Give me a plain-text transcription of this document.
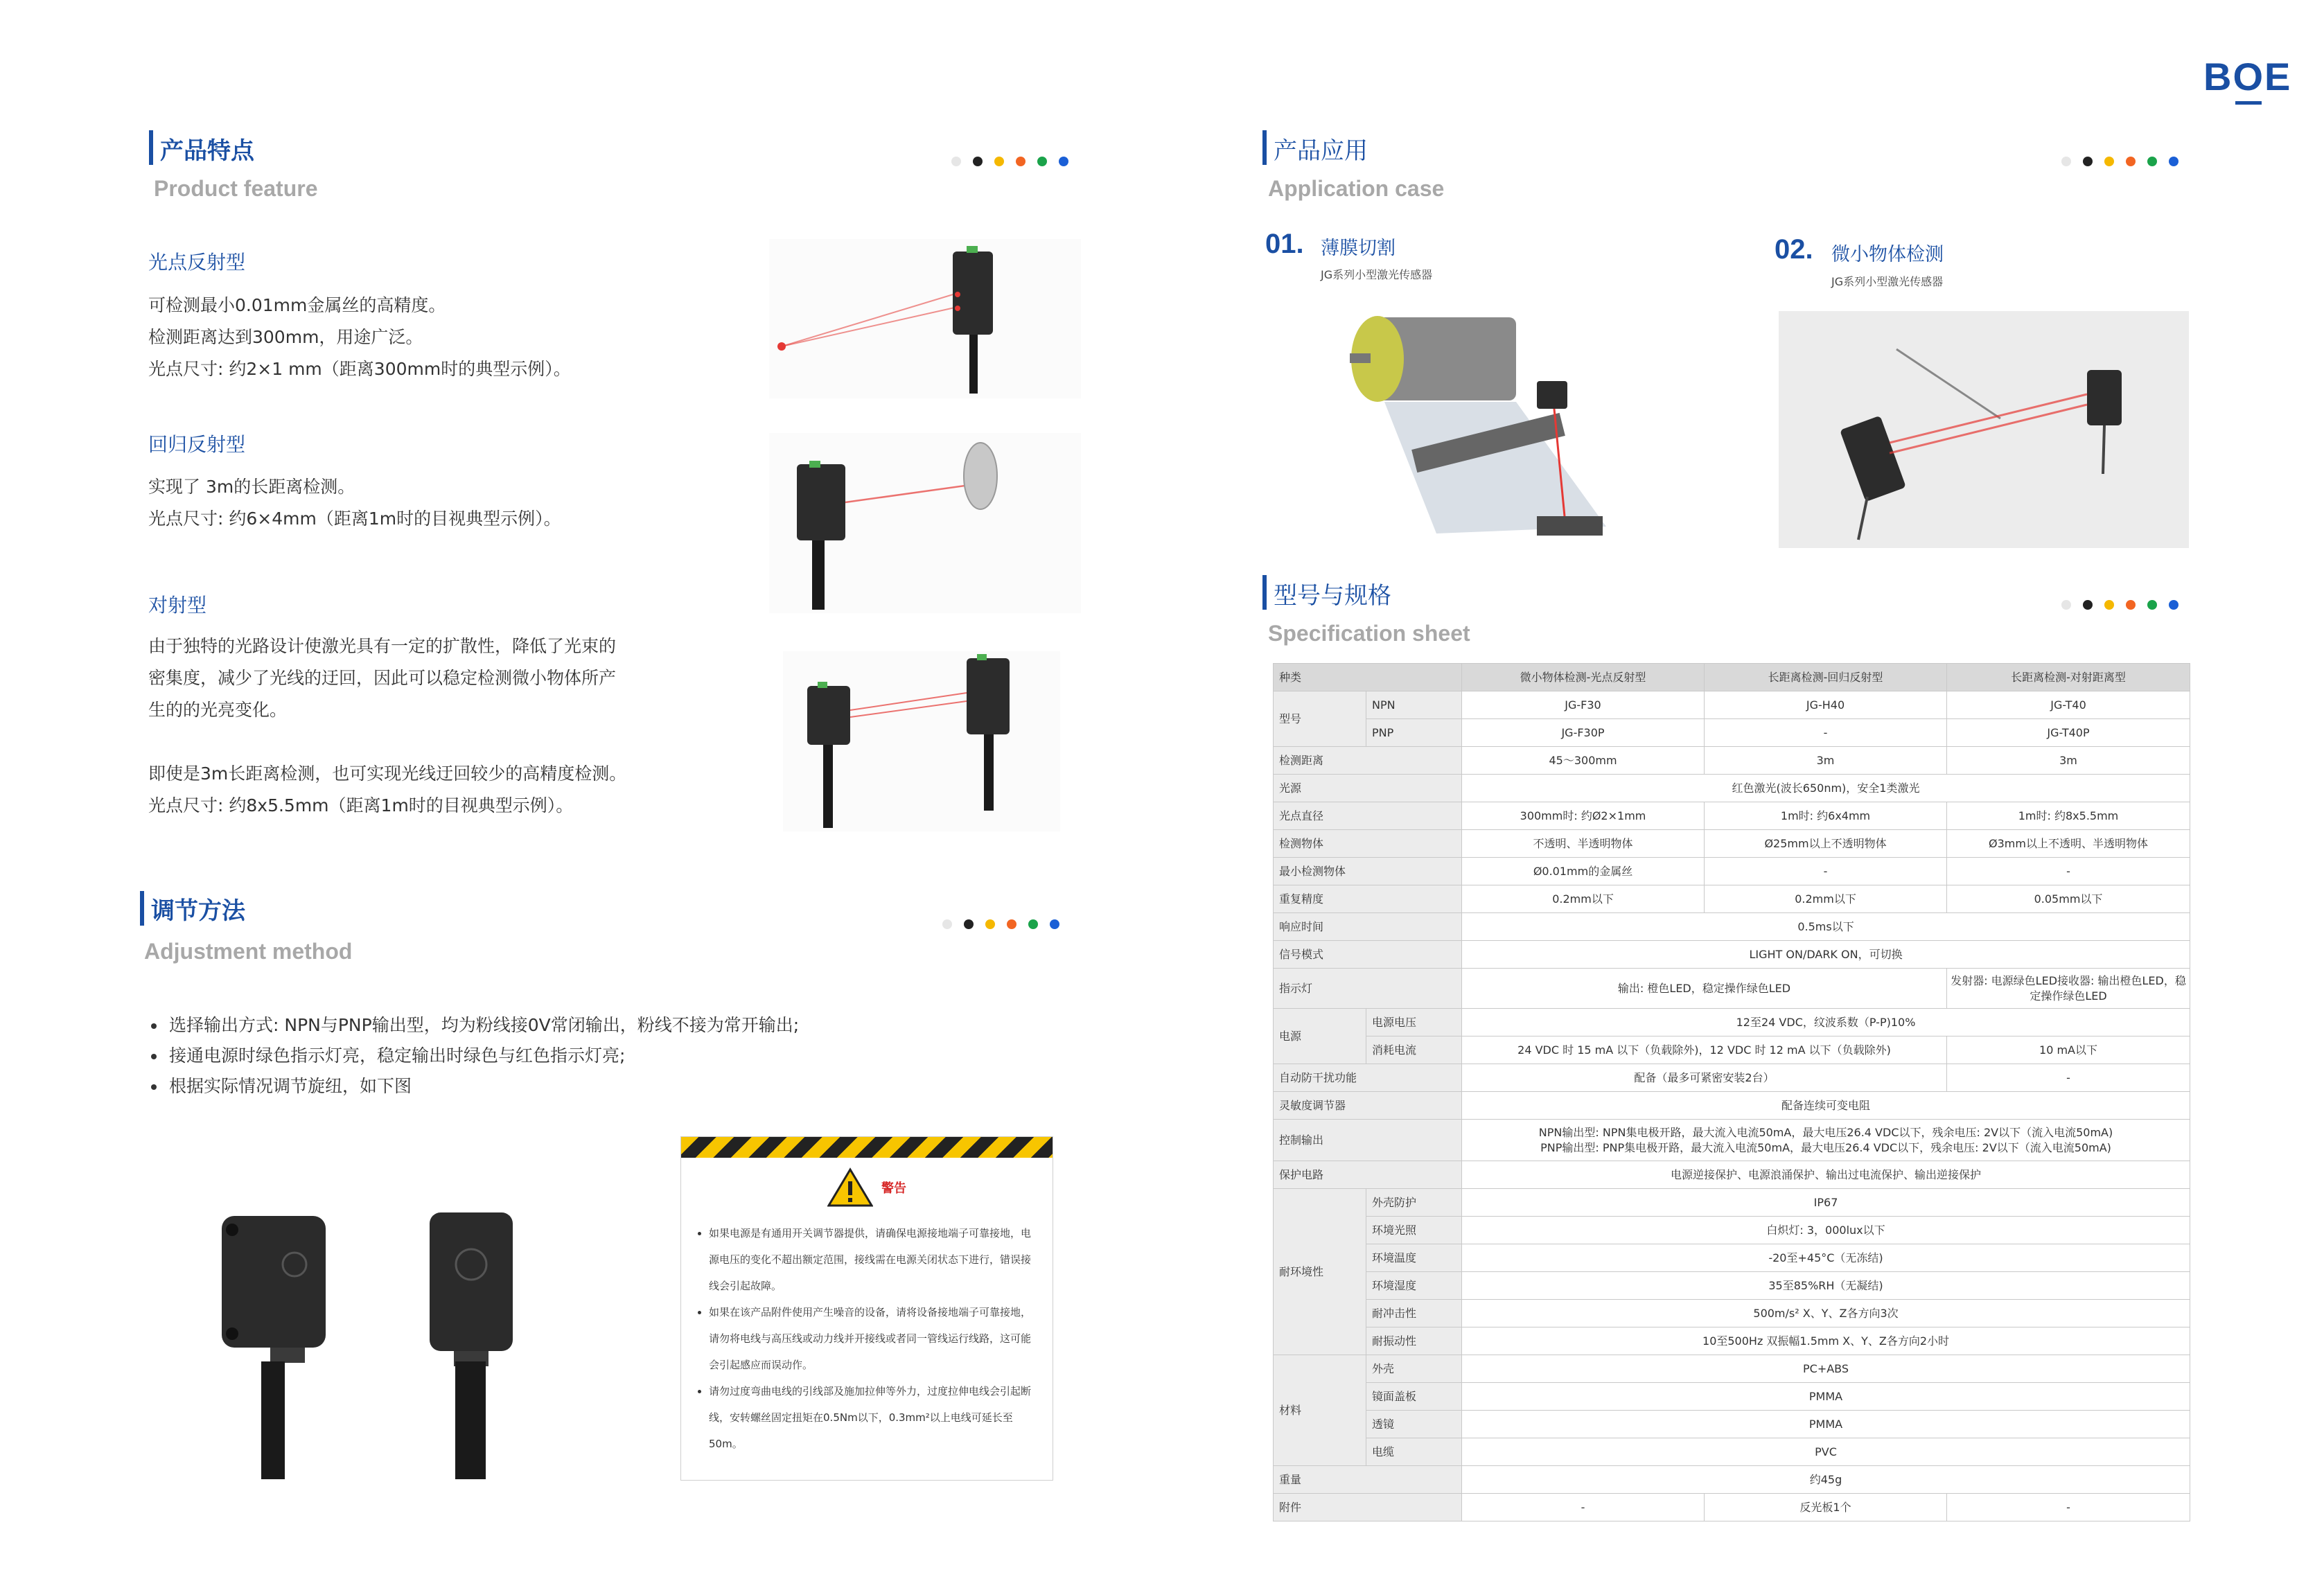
BOE
产品特点
Product feature
光点反射型
可检测最小0.01mm金属丝的高精度。
检测距离达到300mm，用途广泛。
光点尺寸: 约2×1 mm（距离300mm时的典型示例）。
回归反射型
实现了 3m的长距离检测。
光点尺寸: 约6×4mm（距离1m时的目视典型示例）。
对射型
由于独特的光路设计使激光具有一定的扩散性，降低了光束的
密集度，减少了光线的迂回，因此可以稳定检测微小物体所产
生的的光亮变化。

即使是3m长距离检测，也可实现光线迂回较少的高精度检测。
光点尺寸: 约8x5.5mm（距离1m时的目视典型示例）。
调节方法
Adjustment method
• 选择输出方式: NPN与PNP输出型，均为粉线接0V常闭输出，粉线不接为常开输出;
• 接通电源时绿色指示灯亮，稳定输出时绿色与红色指示灯亮;
• 根据实际情况调节旋纽，如下图
警告
• 如果电源是有通用开关调节器提供，请确保电源接地端子可靠接地，电源电压的变化不超出额定范围，接线需在电源关闭状态下进行，错误接线会引起故障。
• 如果在该产品附件使用产生噪音的设备，请将设备接地端子可靠接地，请勿将电线与高压线或动力线并开接线或者同一管线运行线路，这可能会引起感应而误动作。
• 请勿过度弯曲电线的引线部及施加拉伸等外力，过度拉伸电线会引起断线，安转螺丝固定扭矩在0.5Nm以下，0.3mm²以上电线可延长至50m。
产品应用
Application case
01. 薄膜切割
JG系列小型激光传感器
02. 微小物体检测
JG系列小型激光传感器
型号与规格
Specification sheet
种类		微小物体检测-光点反射型	长距离检测-回归反射型	长距离检测-对射距离型
型号	NPN	JG-F30	JG-H40	JG-T40
	PNP	JG-F30P	-	JG-T40P
检测距离		45～300mm	3m	3m
光源		红色激光(波长650nm)，安全1类激光		
光点直径		300mm时: 约Ø2×1mm	1m时: 约6x4mm	1m时: 约8x5.5mm
检测物体		不透明、半透明物体	Ø25mm以上不透明物体	Ø3mm以上不透明、半透明物体
最小检测物体		Ø0.01mm的金属丝	-	-
重复精度		0.2mm以下	0.2mm以下	0.05mm以下
响应时间		0.5ms以下		
信号模式		LIGHT ON/DARK ON，可切换		
指示灯		输出: 橙色LED，稳定操作绿色LED		发射器: 电源绿色LED接收器: 输出橙色LED，稳定操作绿色LED
电源	电源电压	12至24 VDC，纹波系数（P-P)10%		
	消耗电流	24 VDC 时 15 mA 以下（负载除外)，12 VDC 时 12 mA 以下（负载除外)		10 mA以下
自动防干扰功能		配备（最多可紧密安装2台）		-
灵敏度调节器		配备连续可变电阻		
控制输出		NPN输出型: NPN集电极开路，最大流入电流50mA，最大电压26.4 VDC以下，残余电压: 2V以下（流入电流50mA)
PNP输出型: PNP集电极开路，最大流入电流50mA，最大电压26.4 VDC以下，残余电压: 2V以下（流入电流50mA)		

保护电路		电源逆接保护、电源浪涌保护、输出过电流保护、输出逆接保护		
耐环境性	外壳防护	IP67		
	环境光照	白炽灯: 3，000lux以下		
	环境温度	-20至+45°C（无冻结)		
	环境湿度	35至85%RH（无凝结)		
	耐冲击性	500m/s² X、Y、Z各方向3次		
	耐振动性	10至500Hz 双振幅1.5mm X、Y、Z各方向2小时		
材料	外壳	PC+ABS		
	镜面盖板	PMMA		
	透镜	PMMA		
	电缆	PVC		
重量		约45g		
附件		-	反光板1个	-
